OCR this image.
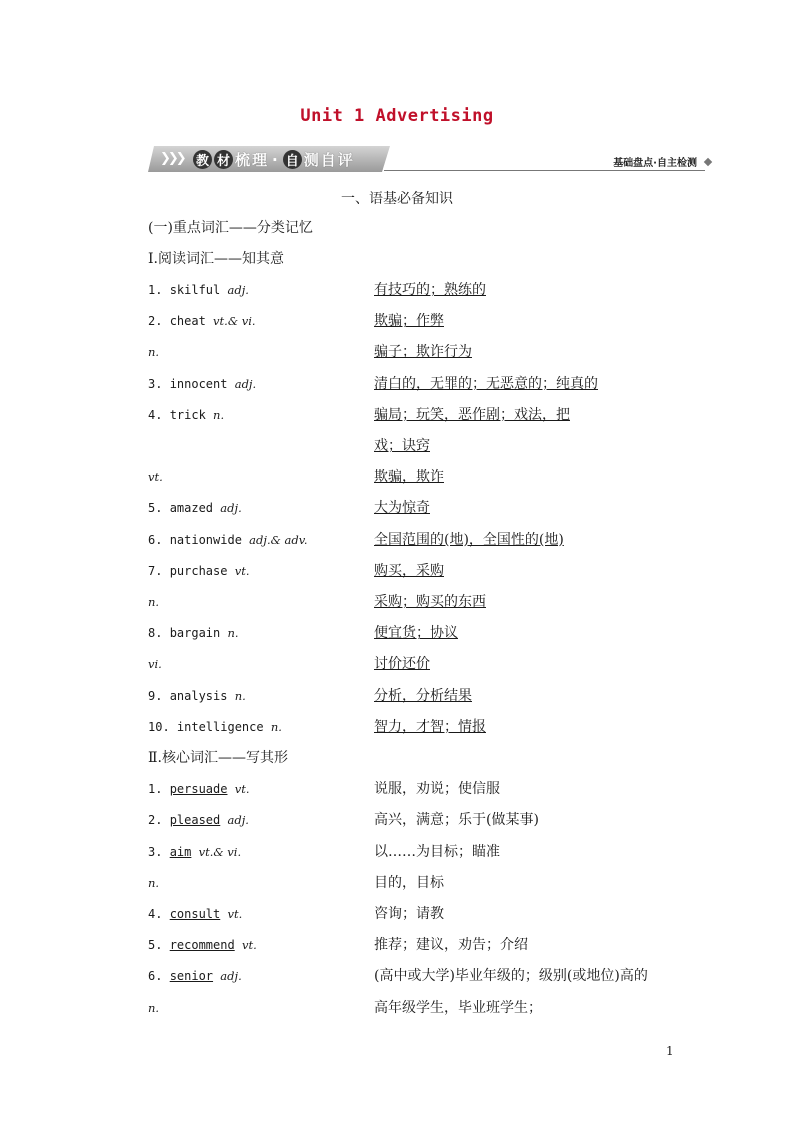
Unit 1 Advertising
❯❯❯ 教 材 梳 理 · 自 测 自 评	基础盘点·自主检测
一、语基必备知识
(一)重点词汇——分类记忆
Ⅰ.阅读词汇——知其意
1. skilful adj.	有技巧的；熟练的
2. cheat vt.& vi.	欺骗；作弊
n.	骗子；欺诈行为
3. innocent adj.	清白的，无罪的；无恶意的；纯真的
4. trick n.	骗局；玩笑，恶作剧；戏法，把
戏；诀窍
vt.	欺骗，欺诈
5. amazed adj.	大为惊奇
6. nationwide adj.& adv.	全国范围的(地)，全国性的(地)
7. purchase vt.	购买，采购
n.	采购；购买的东西
8. bargain n.	便宜货；协议
vi.	讨价还价
9. analysis n.	分析，分析结果
10. intelligence n.	智力，才智；情报
Ⅱ.核心词汇——写其形
1. persuade vt.	说服，劝说；使信服
2. pleased adj.	高兴，满意；乐于(做某事)
3. aim vt.& vi.	以……为目标；瞄准
n.	目的，目标
4. consult vt.	咨询；请教
5. recommend vt.	推荐；建议，劝告；介绍
6. senior adj.	(高中或大学)毕业年级的；级别(或地位)高的
n.	高年级学生，毕业班学生；
1
